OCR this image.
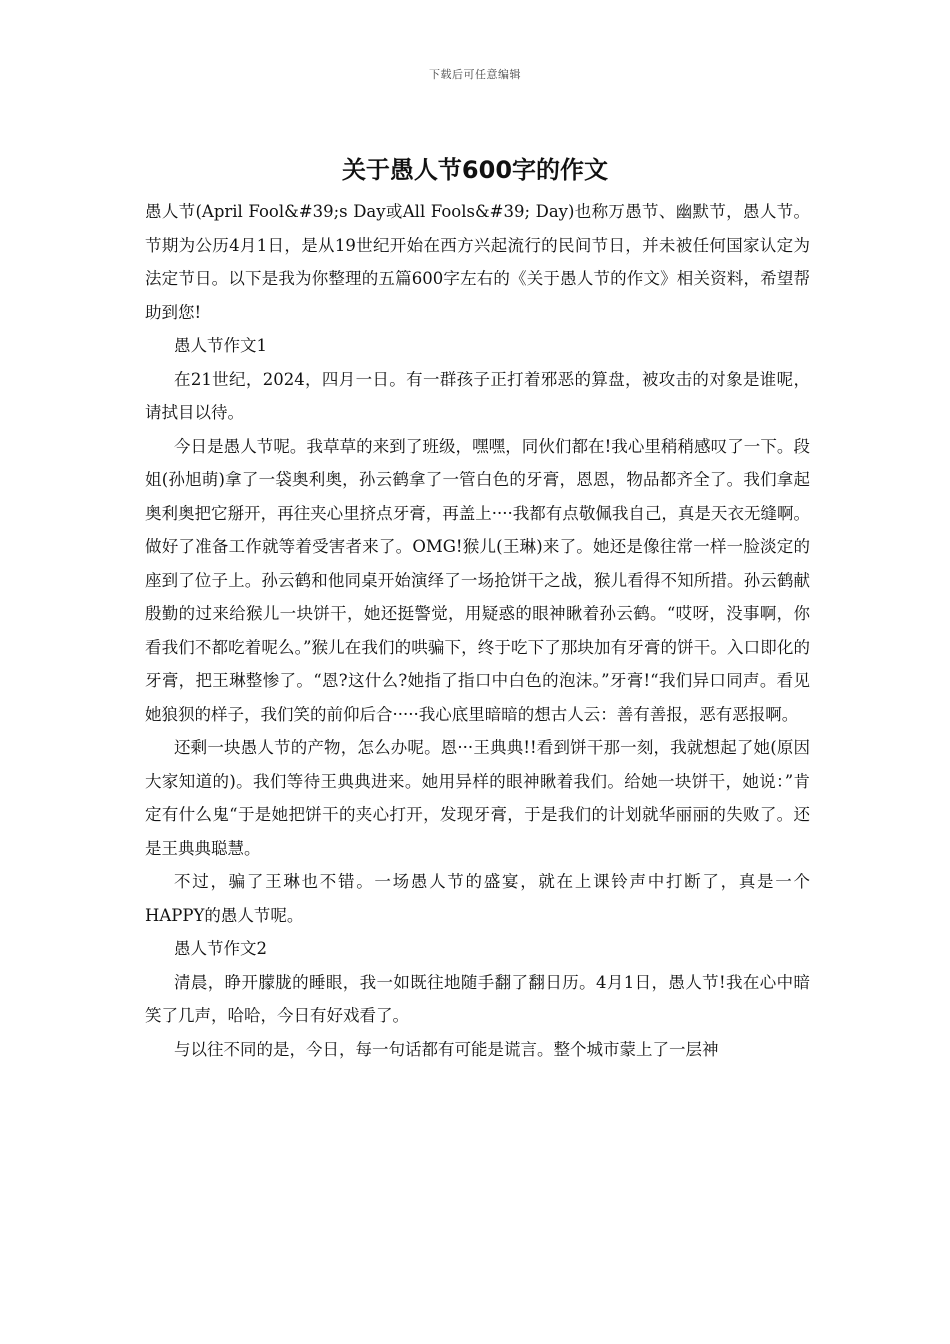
下载后可任意编辑
关于愚人节600字的作文

愚人节(April Fool&#39;s Day或All Fools&#39; Day)也称万愚节、幽默节，愚人节。节期为公历4月1日，是从19世纪开始在西方兴起流行的民间节日，并未被任何国家认定为法定节日。以下是我为你整理的五篇600字左右的《关于愚人节的作文》相关资料，希望帮助到您!

愚人节作文1

在21世纪，2024，四月一日。有一群孩子正打着邪恶的算盘，被攻击的对象是谁呢，请拭目以待。

今日是愚人节呢。我草草的来到了班级，嘿嘿，同伙们都在!我心里稍稍感叹了一下。段姐(孙旭萌)拿了一袋奥利奥，孙云鹤拿了一管白色的牙膏，恩恩，物品都齐全了。我们拿起奥利奥把它掰开，再往夹心里挤点牙膏，再盖上····我都有点敬佩我自己，真是天衣无缝啊。做好了准备工作就等着受害者来了。OMG!猴儿(王琳)来了。她还是像往常一样一脸淡定的座到了位子上。孙云鹤和他同桌开始演绎了一场抢饼干之战，猴儿看得不知所措。孙云鹤献殷勤的过来给猴儿一块饼干，她还挺警觉，用疑惑的眼神瞅着孙云鹤。“哎呀，没事啊，你看我们不都吃着呢么。”猴儿在我们的哄骗下，终于吃下了那块加有牙膏的饼干。入口即化的牙膏，把王琳整惨了。“恩?这什么?她指了指口中白色的泡沫。”牙膏!“我们异口同声。看见她狼狈的样子，我们笑的前仰后合·····我心底里暗暗的想古人云：善有善报，恶有恶报啊。

还剩一块愚人节的产物，怎么办呢。恩···王典典!!看到饼干那一刻，我就想起了她(原因大家知道的)。我们等待王典典进来。她用异样的眼神瞅着我们。给她一块饼干，她说：”肯定有什么鬼“于是她把饼干的夹心打开，发现牙膏，于是我们的计划就华丽丽的失败了。还是王典典聪慧。

不过，骗了王琳也不错。一场愚人节的盛宴，就在上课铃声中打断了，真是一个HAPPY的愚人节呢。

愚人节作文2

清晨，睁开朦胧的睡眼，我一如既往地随手翻了翻日历。4月1日，愚人节!我在心中暗笑了几声，哈哈，今日有好戏看了。

与以往不同的是，今日，每一句话都有可能是谎言。整个城市蒙上了一层神
